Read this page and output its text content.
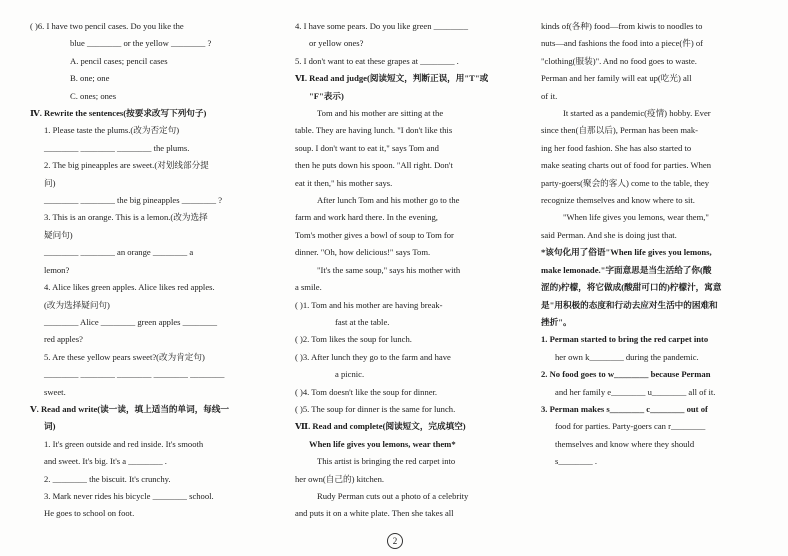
( )6. I have two pencil cases. Do you like the
blue ________ or the yellow ________ ?
A. pencil cases; pencil cases
B. one; one
C. ones; ones
Ⅳ. Rewrite the sentences(按要求改写下列句子)
1. Please taste the plums.(改为否定句)
________ ________ ________ the plums.
2. The big pineapples are sweet.(对划线部分提
问)
________ ________ the big pineapples ________ ?
3. This is an orange. This is a lemon.(改为选择
疑问句)
________ ________ an orange ________ a
lemon?
4. Alice likes green apples. Alice likes red apples.
(改为选择疑问句)
________ Alice ________ green apples ________
red apples?
5. Are these yellow pears sweet?(改为肯定句)
________ ________ ________ ________ ________
sweet.
Ⅴ. Read and write(读一读，填上适当的单词，每线一
词)
1. It's green outside and red inside. It's smooth
and sweet. It's big. It's a ________ .
2. ________ the biscuit. It's crunchy.
3. Mark never rides his bicycle ________ school.
He goes to school on foot.
4. I have some pears. Do you like green ________
or yellow ones?
5. I don't want to eat these grapes at ________ .
Ⅵ. Read and judge(阅读短文，判断正误，用"T"或
"F"表示)
Tom and his mother are sitting at the
table. They are having lunch. "I don't like this
soup. I don't want to eat it," says Tom and
then he puts down his spoon. "All right. Don't
eat it then," his mother says.
After lunch Tom and his mother go to the
farm and work hard there. In the evening,
Tom's mother gives a bowl of soup to Tom for
dinner. "Oh, how delicious!" says Tom.
"It's the same soup," says his mother with
a smile.
( )1. Tom and his mother are having break-
fast at the table.
( )2. Tom likes the soup for lunch.
( )3. After lunch they go to the farm and have
a picnic.
( )4. Tom doesn't like the soup for dinner.
( )5. The soup for dinner is the same for lunch.
Ⅶ. Read and complete(阅读短文，完成填空)
When life gives you lemons, wear them*
This artist is bringing the red carpet into
her own(自己的) kitchen.
Rudy Perman cuts out a photo of a celebrity
and puts it on a white plate. Then she takes all
kinds of(各种) food—from kiwis to noodles to
nuts—and fashions the food into a piece(件) of
"clothing(服装)". And no food goes to waste.
Perman and her family will eat up(吃光) all
of it.
It started as a pandemic(疫情) hobby. Ever
since then(自那以后), Perman has been mak-
ing her food fashion. She has also started to
make seating charts out of food for parties. When
party-goers(聚会的客人) come to the table, they
recognize themselves and know where to sit.
"When life gives you lemons, wear them,"
said Perman. And she is doing just that.
*该句化用了俗语"When life gives you lemons,
make lemonade."字面意思是当生活给了你(酸
涩的)柠檬，将它做成(酸甜可口的)柠檬汁，寓意
是"用积极的态度和行动去应对生活中的困难和
挫折"。
1. Perman started to bring the red carpet into
her own k________ during the pandemic.
2. No food goes to w________ because Perman
and her family e________ u________ all of it.
3. Perman makes s________ c________ out of
food for parties. Party-goers can r________
themselves and know where they should
s________ .
2
